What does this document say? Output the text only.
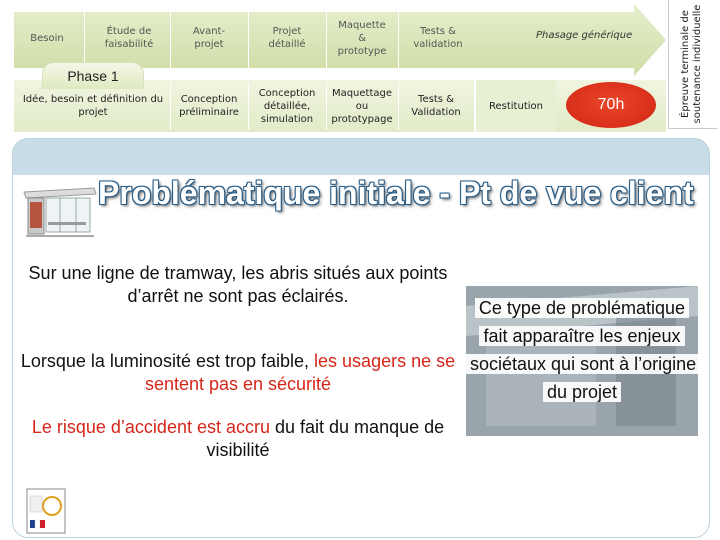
Besoin
Étude de
faisabilité
Avant-
projet
Projet
détaillé
Maquette
&
prototype
Tests &
validation
Phasage générique	Épreuve terminale de soutenance individuelle
Phase 1
Idée, besoin et définition du
projet
Conception
préliminaire
Conception
détaillée,
simulation
Maquettage
ou
prototypage
Tests &
Validation
Restitution	70h
Problématique initiale - Pt de vue client
Sur une ligne de tramway, les abris situés aux points d’arrêt ne sont pas éclairés.
Lorsque la luminosité est trop faible, les usagers ne se sentent pas en sécurité
Le risque d’accident est accru du fait du manque de visibilité
Ce type de problématique fait apparaître les enjeux sociétaux qui sont à l’origine du projet
